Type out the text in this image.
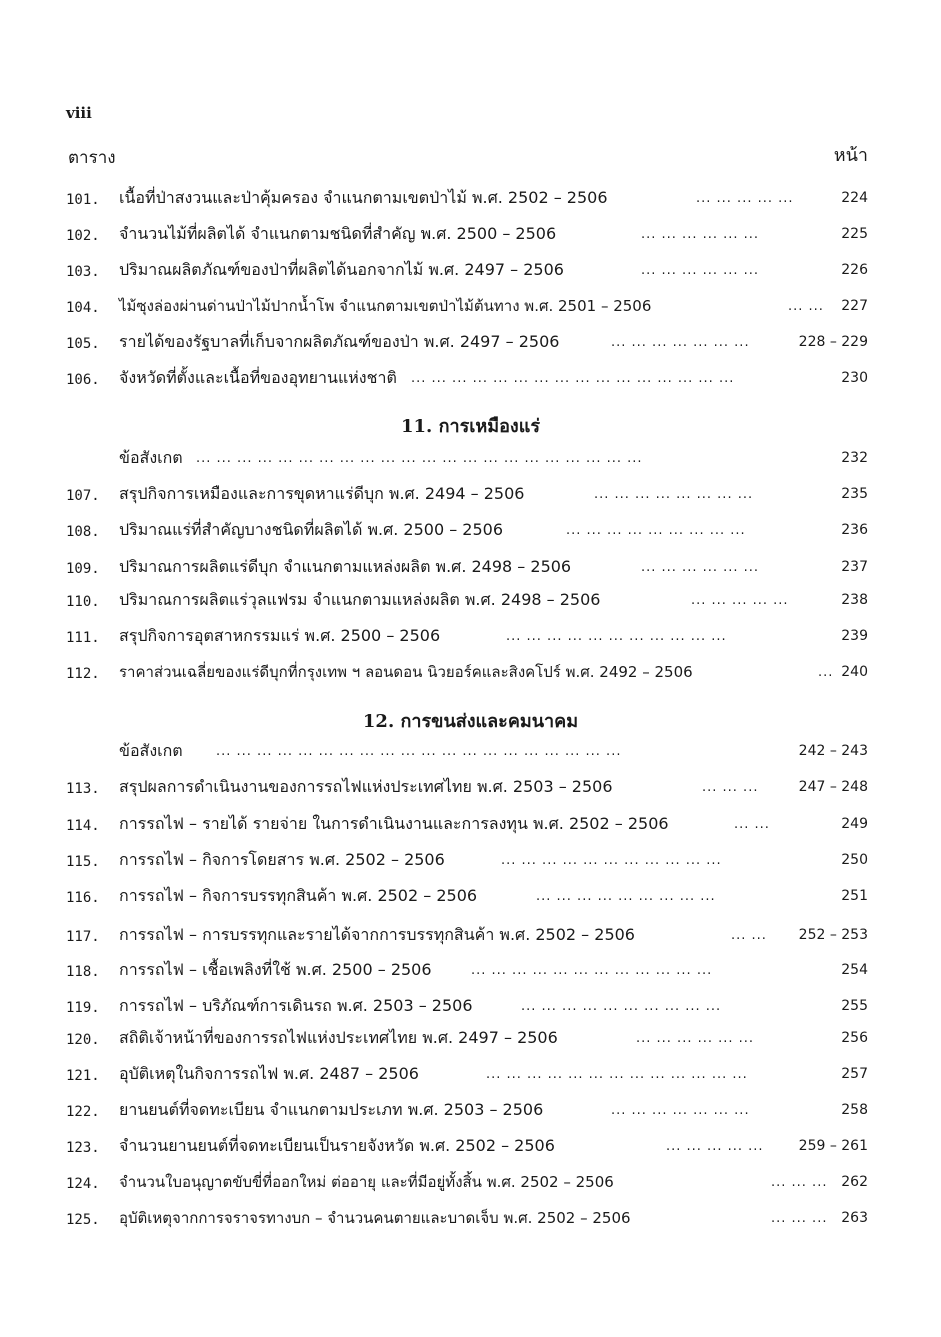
viii
ตาราง	หน้า
11. การเหมืองแร่
12. การขนส่งและคมนาคม
101.	เนื้อที่ป่าสงวนและป่าคุ้มครอง จำแนกตามเขตป่าไม้ พ.ศ. 2502 – 2506	... ... ... ... ...	224
102.	จำนวนไม้ที่ผลิตได้ จำแนกตามชนิดที่สำคัญ พ.ศ. 2500 – 2506	... ... ... ... ... ...	225
103.	ปริมาณผลิตภัณฑ์ของป่าที่ผลิตได้นอกจากไม้ พ.ศ. 2497 – 2506	... ... ... ... ... ...	226
104.	ไม้ซุงล่องผ่านด่านป่าไม้ปากน้ำโพ จำแนกตามเขตป่าไม้ต้นทาง พ.ศ. 2501 – 2506	... ... 227
105.	รายได้ของรัฐบาลที่เก็บจากผลิตภัณฑ์ของป่า พ.ศ. 2497 – 2506	... ... ... ... ... ... ...	228 – 229
106.	จังหวัดที่ตั้งและเนื้อที่ของอุทยานแห่งชาติ ... ... ... ... ... ... ... ... ... ... ... ... ... ... ... ...	230
ข้อสังเกต ... ... ... ... ... ... ... ... ... ... ... ... ... ... ... ... ... ... ... ... ... ...	232
107.	สรุปกิจการเหมืองและการขุดหาแร่ดีบุก พ.ศ. 2494 – 2506	... ... ... ... ... ... ... ...	235
108.	ปริมาณแร่ที่สำคัญบางชนิดที่ผลิตได้ พ.ศ. 2500 – 2506	... ... ... ... ... ... ... ... ...	236
109.	ปริมาณการผลิตแร่ดีบุก จำแนกตามแหล่งผลิต พ.ศ. 2498 – 2506	... ... ... ... ... ...	237
110.	ปริมาณการผลิตแร่วุลแฟรม จำแนกตามแหล่งผลิต พ.ศ. 2498 – 2506	... ... ... ... ...	238
111.	สรุปกิจการอุตสาหกรรมแร่ พ.ศ. 2500 – 2506	... ... ... ... ... ... ... ... ... ... ...	239
112.	ราคาส่วนเฉลี่ยของแร่ดีบุกที่กรุงเทพ ฯ ลอนดอน นิวยอร์คและสิงคโปร์ พ.ศ. 2492 – 2506	... 240
ข้อสังเกต	... ... ... ... ... ... ... ... ... ... ... ... ... ... ... ... ... ... ... ...	242 – 243
113.	สรุปผลการดำเนินงานของการรถไฟแห่งประเทศไทย พ.ศ. 2503 – 2506	... ... ...	247 – 248
114.	การรถไฟ – รายได้ รายจ่าย ในการดำเนินงานและการลงทุน พ.ศ. 2502 – 2506	... ...	249
115.	การรถไฟ – กิจการโดยสาร พ.ศ. 2502 – 2506	... ... ... ... ... ... ... ... ... ... ...	250
116.	การรถไฟ – กิจการบรรทุกสินค้า พ.ศ. 2502 – 2506	... ... ... ... ... ... ... ... ...	251
117.	การรถไฟ – การบรรทุกและรายได้จากการบรรทุกสินค้า พ.ศ. 2502 – 2506	... ... 252 – 253
118.	การรถไฟ – เชื้อเพลิงที่ใช้ พ.ศ. 2500 – 2506	... ... ... ... ... ... ... ... ... ... ... ...	254
119.	การรถไฟ – บริภัณฑ์การเดินรถ พ.ศ. 2503 – 2506	... ... ... ... ... ... ... ... ... ...	255
120.	สถิติเจ้าหน้าที่ของการรถไฟแห่งประเทศไทย พ.ศ. 2497 – 2506	... ... ... ... ... ...	256
121.	อุบัติเหตุในกิจการรถไฟ พ.ศ. 2487 – 2506	... ... ... ... ... ... ... ... ... ... ... ... ...	257
122.	ยานยนต์ที่จดทะเบียน จำแนกตามประเภท พ.ศ. 2503 – 2506	... ... ... ... ... ... ...	258
123.	จำนวนยานยนต์ที่จดทะเบียนเป็นรายจังหวัด พ.ศ. 2502 – 2506	... ... ... ... ...	259 – 261
124.	จำนวนใบอนุญาตขับขี่ที่ออกใหม่ ต่ออายุ และที่มีอยู่ทั้งสิ้น พ.ศ. 2502 – 2506	... ... ... 262
125.	อุบัติเหตุจากการจราจรทางบก – จำนวนคนตายและบาดเจ็บ พ.ศ. 2502 – 2506	... ... ... 263
